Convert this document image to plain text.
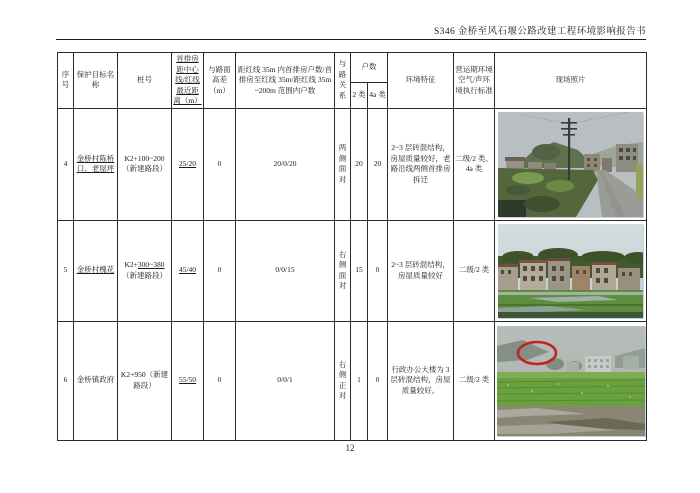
S346 金桥至风石堰公路改建工程环境影响报告书
序号	保护目标名称	桩号	首排房距中心线/红线最近距离（m）	与路面高差（m）	距红线 35m 内首排房户数/首排房至红线 35m/距红线 35m~200m 范围内户数	与路关系	户数		环境特征	营运期环境空气/声环境执行标准	现场照片
							2 类	4a 类			
4	金桥村陈桥口、老屋坪	K2+100~200（新建路段）	25/20	0	20/0/20	两侧面对	20	20	2~3 层砖混结构，房屋质量较好，老路沿线两侧首排房拆迁	二级/2 类、4a 类	

5	金桥村槐花	K2+300~380（新建路段）	45/40	0	0/0/15	右侧面对	15	0	2~3 层砖混结构，房屋质量较好	二级/2 类	

6	金桥镇政府	K2+950（新建路段）	55/50	0	0/0/1	右侧正对	1	0	行政办公大楼为 3 层砖混结构，房屋质量较好。	二级/2 类	
12
